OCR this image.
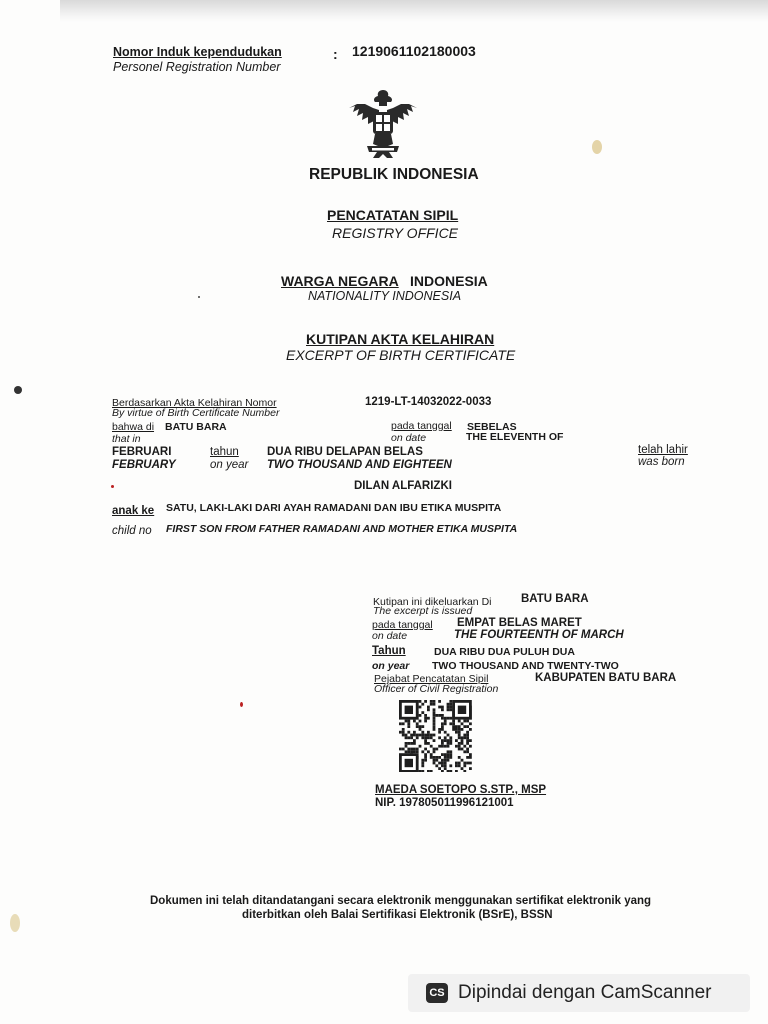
Nomor Induk kependudukan
Personel Registration Number
: 1219061102180003
REPUBLIK INDONESIA
PENCATATAN SIPIL
REGISTRY OFFICE
WARGA NEGARA INDONESIA
NATIONALITY INDONESIA
KUTIPAN AKTA KELAHIRAN
EXCERPT OF BIRTH CERTIFICATE
Berdasarkan Akta Kelahiran Nomor
By virtue of Birth Certificate Number
1219-LT-14032022-0033
bahwa di BATU BARA
that in
pada tanggal SEBELAS
on date	THE ELEVENTH OF
FEBRUARI
FEBRUARY
tahun
on year
DUA RIBU DELAPAN BELAS
TWO THOUSAND AND EIGHTEEN
telah lahir
was born
DILAN ALFARIZKI
anak ke SATU, LAKI-LAKI DARI AYAH RAMADANI DAN IBU ETIKA MUSPITA
child no FIRST SON FROM FATHER RAMADANI AND MOTHER ETIKA MUSPITA
Kutipan ini dikeluarkan Di	BATU BARA
The excerpt is issued
pada tanggal EMPAT BELAS MARET
on date	THE FOURTEENTH OF MARCH
Tahun	DUA RIBU DUA PULUH DUA
on year TWO THOUSAND AND TWENTY-TWO
Pejabat Pencatatan Sipil
Officer of Civil Registration
KABUPATEN BATU BARA
MAEDA SOETOPO S.STP., MSP
NIP. 197805011996121001
Dokumen ini telah ditandatangani secara elektronik menggunakan sertifikat elektronik yang
diterbitkan oleh Balai Sertifikasi Elektronik (BSrE), BSSN
CS Dipindai dengan CamScanner
